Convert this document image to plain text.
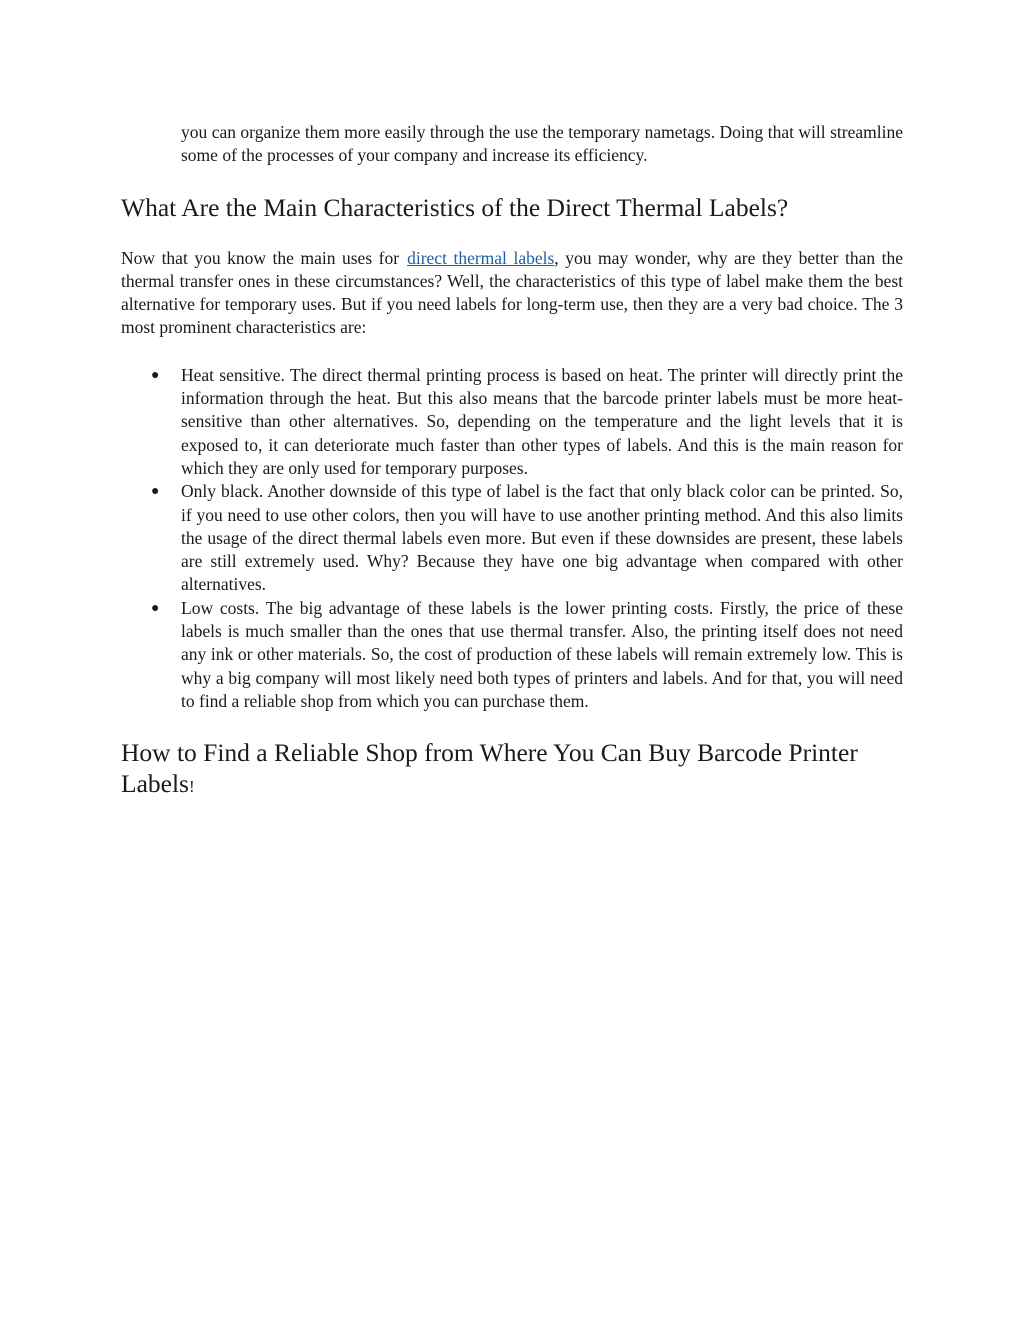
you can organize them more easily through the use the temporary nametags. Doing that will streamline some of the processes of your company and increase its efficiency.

What Are the Main Characteristics of the Direct Thermal Labels?

Now that you know the main uses for direct thermal labels, you may wonder, why are they better than the thermal transfer ones in these circumstances? Well, the characteristics of this type of label make them the best alternative for temporary uses. But if you need labels for long-term use, then they are a very bad choice. The 3 most prominent characteristics are:

● Heat sensitive. The direct thermal printing process is based on heat. The printer will directly print the information through the heat. But this also means that the barcode printer labels must be more heat-sensitive than other alternatives. So, depending on the temperature and the light levels that it is exposed to, it can deteriorate much faster than other types of labels. And this is the main reason for which they are only used for temporary purposes.
● Only black. Another downside of this type of label is the fact that only black color can be printed. So, if you need to use other colors, then you will have to use another printing method. And this also limits the usage of the direct thermal labels even more. But even if these downsides are present, these labels are still extremely used. Why? Because they have one big advantage when compared with other alternatives.
● Low costs. The big advantage of these labels is the lower printing costs. Firstly, the price of these labels is much smaller than the ones that use thermal transfer. Also, the printing itself does not need any ink or other materials. So, the cost of production of these labels will remain extremely low. This is why a big company will most likely need both types of printers and labels. And for that, you will need to find a reliable shop from which you can purchase them.
How to Find a Reliable Shop from Where You Can Buy Barcode Printer Labels!
